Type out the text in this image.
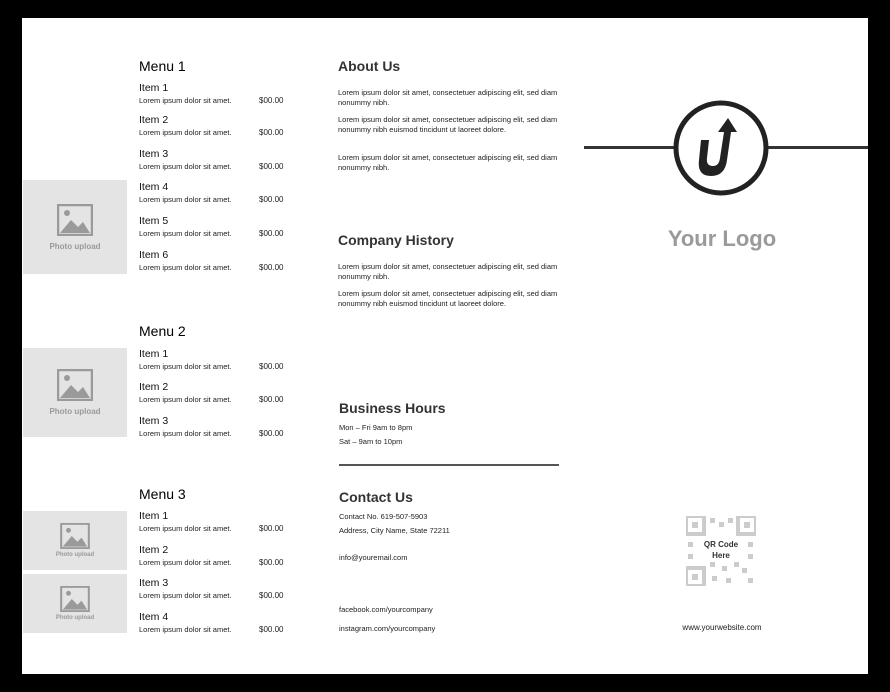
Photo upload
Photo upload
Photo upload
Photo upload
Menu 1
Item 1
Lorem ipsum dolor sit amet.	$00.00
Item 2
Lorem ipsum dolor sit amet.	$00.00
Item 3
Lorem ipsum dolor sit amet.	$00.00
Item 4
Lorem ipsum dolor sit amet.	$00.00
Item 5
Lorem ipsum dolor sit amet.	$00.00
Item 6
Lorem ipsum dolor sit amet.	$00.00
Menu 2
Item 1
Lorem ipsum dolor sit amet.	$00.00
Item 2
Lorem ipsum dolor sit amet.	$00.00
Item 3
Lorem ipsum dolor sit amet.	$00.00
Menu 3
Item 1
Lorem ipsum dolor sit amet.	$00.00
Item 2
Lorem ipsum dolor sit amet.	$00.00
Item 3
Lorem ipsum dolor sit amet.	$00.00
Item 4
Lorem ipsum dolor sit amet.	$00.00
About Us
Lorem ipsum dolor sit amet, consectetuer adipiscing elit, sed diam nonummy nibh.
Lorem ipsum dolor sit amet, consectetuer adipiscing elit, sed diam nonummy nibh euismod tincidunt ut laoreet dolore.
Lorem ipsum dolor sit amet, consectetuer adipiscing elit, sed diam nonummy nibh.
Company History
Lorem ipsum dolor sit amet, consectetuer adipiscing elit, sed diam nonummy nibh.
Lorem ipsum dolor sit amet, consectetuer adipiscing elit, sed diam nonummy nibh euismod tincidunt ut laoreet dolore.
Business Hours
Mon – Fri 9am to 8pm
Sat – 9am to 10pm
Contact Us
Contact No. 619-507-5903
Address, City Name, State 72211
info@youremail.com
facebook.com/yourcompany
instagram.com/yourcompany
Your Logo
QR Code
Here
www.yourwebsite.com
